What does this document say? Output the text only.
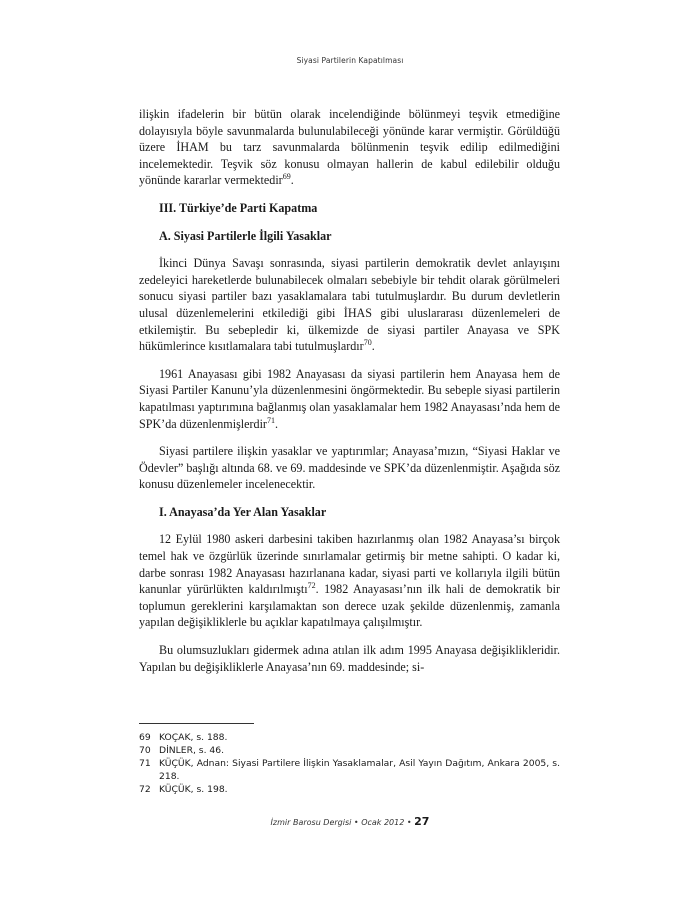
Siyasi Partilerin Kapatılması

ilişkin ifadelerin bir bütün olarak incelendiğinde bölünmeyi teşvik etmediğine dolayısıyla böyle savunmalarda bulunulabileceği yönünde karar vermiştir. Görüldüğü üzere İHAM bu tarz savunmalarda bölünmenin teşvik edilip edilmediğini incelemektedir. Teşvik söz konusu olmayan hallerin de kabul edilebilir olduğu yönünde kararlar vermektedir$^{69}$.

III. Türkiye’de Parti Kapatma
A. Siyasi Partilerle İlgili Yasaklar

İkinci Dünya Savaşı sonrasında, siyasi partilerin demokratik devlet anlayışını zedeleyici hareketlerde bulunabilecek olmaları sebebiyle bir tehdit olarak görülmeleri sonucu siyasi partiler bazı yasaklamalara tabi tutulmuşlardır. Bu durum devletlerin ulusal düzenlemelerini etkilediği gibi İHAS gibi uluslararası düzenlemeleri de etkilemiştir. Bu sebepledir ki, ülkemizde de siyasi partiler Anayasa ve SPK hükümlerince kısıtlamalara tabi tutulmuşlardır$^{70}$.

1961 Anayasası gibi 1982 Anayasası da siyasi partilerin hem Anayasa hem de Siyasi Partiler Kanunu’yla düzenlenmesini öngörmektedir. Bu sebeple siyasi partilerin kapatılması yaptırımına bağlanmış olan yasaklamalar hem 1982 Anayasası’nda hem de SPK’da düzenlenmişlerdir$^{71}$.

Siyasi partilere ilişkin yasaklar ve yaptırımlar; Anayasa’mızın, “Siyasi Haklar ve Ödevler” başlığı altında 68. ve 69. maddesinde ve SPK’da düzenlenmiştir. Aşağıda söz konusu düzenlemeler incelenecektir.

I. Anayasa’da Yer Alan Yasaklar

12 Eylül 1980 askeri darbesini takiben hazırlanmış olan 1982 Anayasa’sı birçok temel hak ve özgürlük üzerinde sınırlamalar getirmiş bir metne sahipti. O kadar ki, darbe sonrası 1982 Anayasası hazırlanana kadar, siyasi parti ve kollarıyla ilgili bütün kanunlar yürürlükten kaldırılmıştı$^{72}$. 1982 Anayasası’nın ilk hali de demokratik bir toplumun gereklerini karşılamaktan son derece uzak şekilde düzenlenmiş, zamanla yapılan değişikliklerle bu açıklar kapatılmaya çalışılmıştır.

Bu olumsuzlukları gidermek adına atılan ilk adım 1995 Anayasa değişiklikleridir. Yapılan bu değişikliklerle Anayasa’nın 69. maddesinde; si-

69 KOÇAK, s. 188.
70 DİNLER, s. 46.
71 KÜÇÜK, Adnan: Siyasi Partilere İlişkin Yasaklamalar, Asil Yayın Dağıtım, Ankara 2005, s. 218.
72 KÜÇÜK, s. 198.
İzmir Barosu Dergisi • Ocak 2012 • 27
